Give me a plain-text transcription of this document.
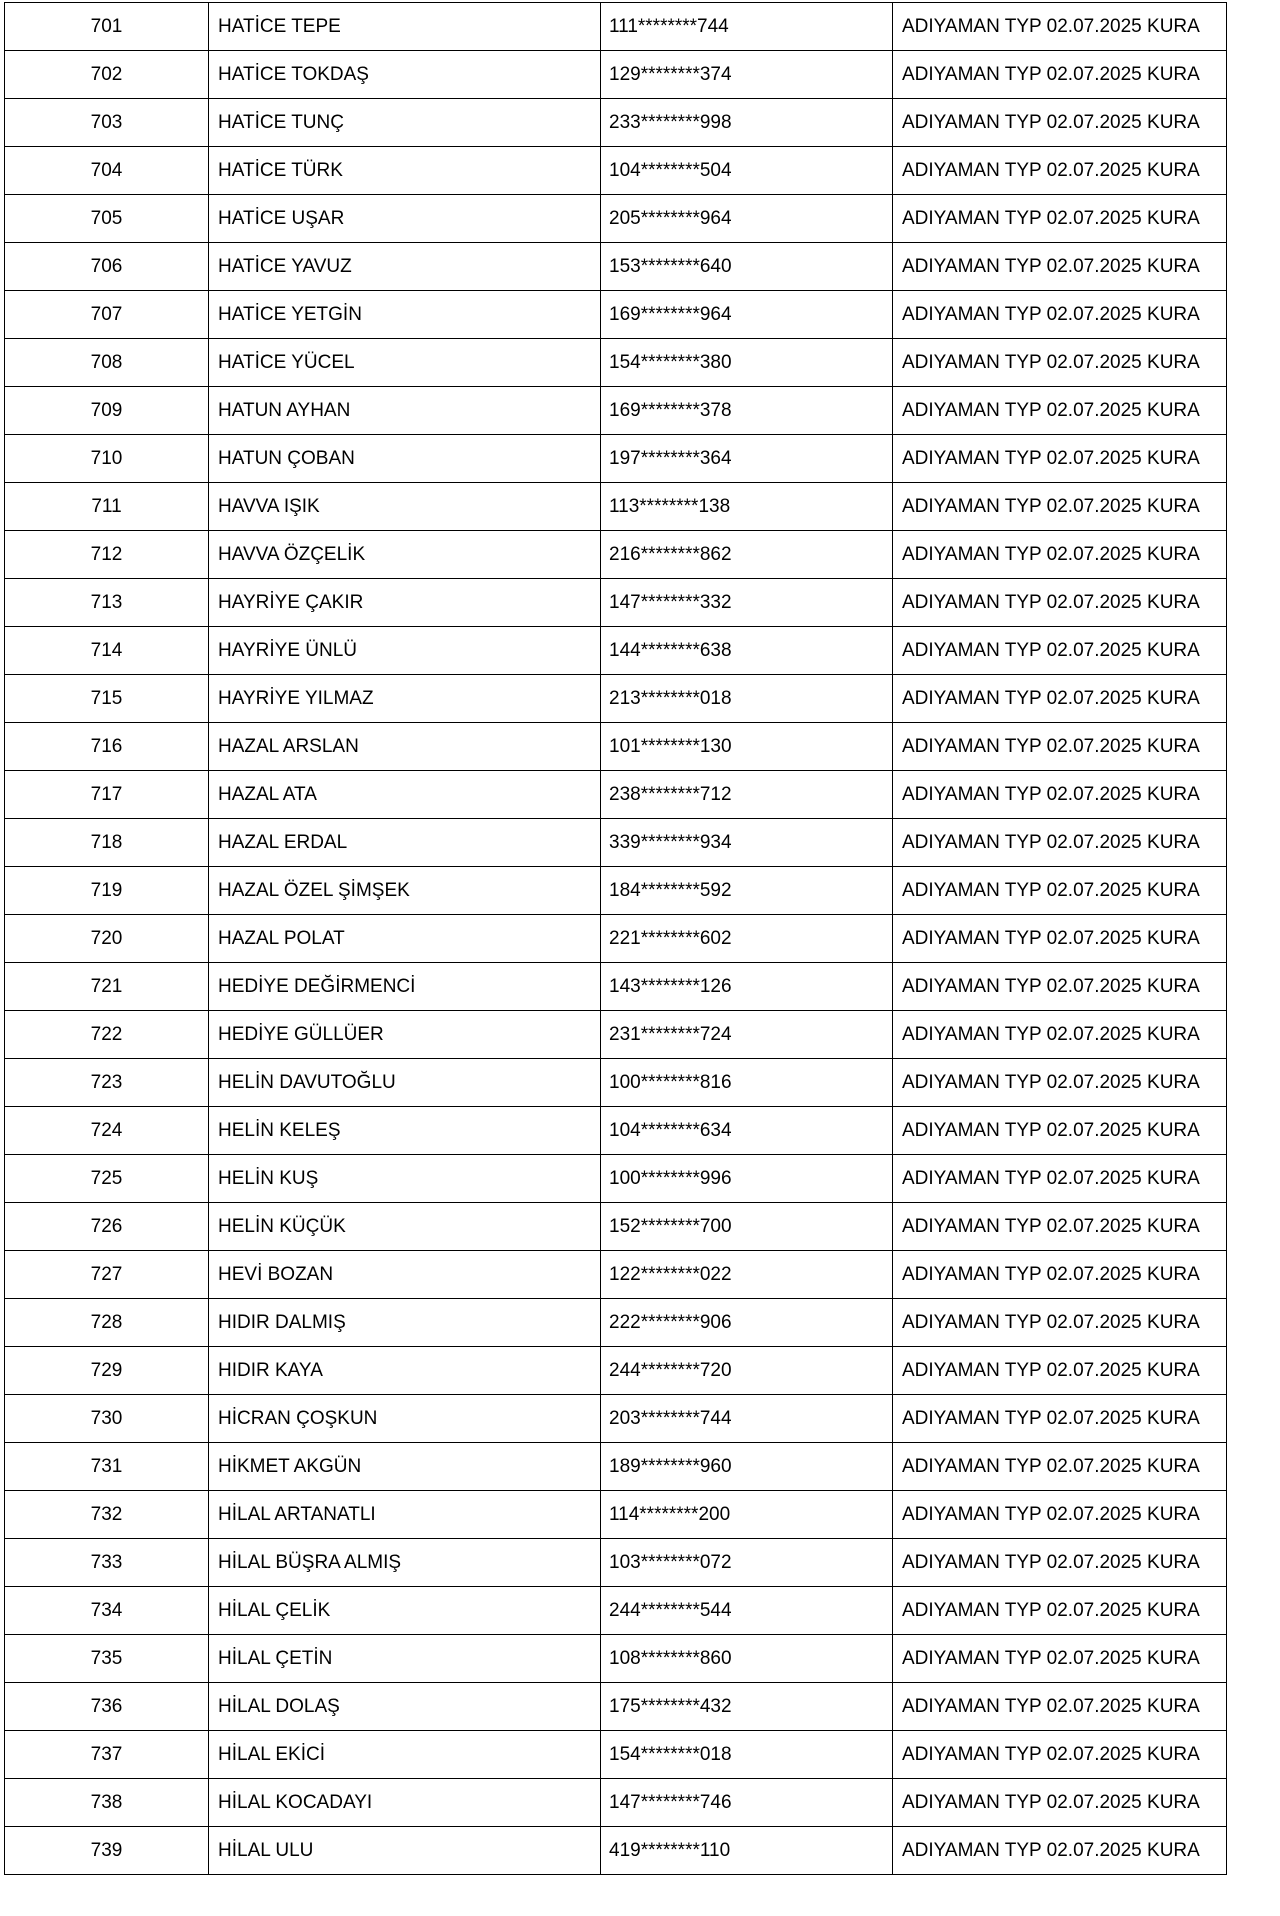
701	HATİCE TEPE	111********744	ADIYAMAN TYP 02.07.2025 KURA
702	HATİCE TOKDAŞ	129********374	ADIYAMAN TYP 02.07.2025 KURA
703	HATİCE TUNÇ	233********998	ADIYAMAN TYP 02.07.2025 KURA
704	HATİCE TÜRK	104********504	ADIYAMAN TYP 02.07.2025 KURA
705	HATİCE UŞAR	205********964	ADIYAMAN TYP 02.07.2025 KURA
706	HATİCE YAVUZ	153********640	ADIYAMAN TYP 02.07.2025 KURA
707	HATİCE YETGİN	169********964	ADIYAMAN TYP 02.07.2025 KURA
708	HATİCE YÜCEL	154********380	ADIYAMAN TYP 02.07.2025 KURA
709	HATUN AYHAN	169********378	ADIYAMAN TYP 02.07.2025 KURA
710	HATUN ÇOBAN	197********364	ADIYAMAN TYP 02.07.2025 KURA
711	HAVVA IŞIK	113********138	ADIYAMAN TYP 02.07.2025 KURA
712	HAVVA ÖZÇELİK	216********862	ADIYAMAN TYP 02.07.2025 KURA
713	HAYRİYE ÇAKIR	147********332	ADIYAMAN TYP 02.07.2025 KURA
714	HAYRİYE ÜNLÜ	144********638	ADIYAMAN TYP 02.07.2025 KURA
715	HAYRİYE YILMAZ	213********018	ADIYAMAN TYP 02.07.2025 KURA
716	HAZAL ARSLAN	101********130	ADIYAMAN TYP 02.07.2025 KURA
717	HAZAL ATA	238********712	ADIYAMAN TYP 02.07.2025 KURA
718	HAZAL ERDAL	339********934	ADIYAMAN TYP 02.07.2025 KURA
719	HAZAL ÖZEL ŞİMŞEK	184********592	ADIYAMAN TYP 02.07.2025 KURA
720	HAZAL POLAT	221********602	ADIYAMAN TYP 02.07.2025 KURA
721	HEDİYE DEĞİRMENCİ	143********126	ADIYAMAN TYP 02.07.2025 KURA
722	HEDİYE GÜLLÜER	231********724	ADIYAMAN TYP 02.07.2025 KURA
723	HELİN DAVUTOĞLU	100********816	ADIYAMAN TYP 02.07.2025 KURA
724	HELİN KELEŞ	104********634	ADIYAMAN TYP 02.07.2025 KURA
725	HELİN KUŞ	100********996	ADIYAMAN TYP 02.07.2025 KURA
726	HELİN KÜÇÜK	152********700	ADIYAMAN TYP 02.07.2025 KURA
727	HEVİ BOZAN	122********022	ADIYAMAN TYP 02.07.2025 KURA
728	HIDIR DALMIŞ	222********906	ADIYAMAN TYP 02.07.2025 KURA
729	HIDIR KAYA	244********720	ADIYAMAN TYP 02.07.2025 KURA
730	HİCRAN ÇOŞKUN	203********744	ADIYAMAN TYP 02.07.2025 KURA
731	HİKMET AKGÜN	189********960	ADIYAMAN TYP 02.07.2025 KURA
732	HİLAL ARTANATLI	114********200	ADIYAMAN TYP 02.07.2025 KURA
733	HİLAL BÜŞRA ALMIŞ	103********072	ADIYAMAN TYP 02.07.2025 KURA
734	HİLAL ÇELİK	244********544	ADIYAMAN TYP 02.07.2025 KURA
735	HİLAL ÇETİN	108********860	ADIYAMAN TYP 02.07.2025 KURA
736	HİLAL DOLAŞ	175********432	ADIYAMAN TYP 02.07.2025 KURA
737	HİLAL EKİCİ	154********018	ADIYAMAN TYP 02.07.2025 KURA
738	HİLAL KOCADAYI	147********746	ADIYAMAN TYP 02.07.2025 KURA
739	HİLAL ULU	419********110	ADIYAMAN TYP 02.07.2025 KURA
